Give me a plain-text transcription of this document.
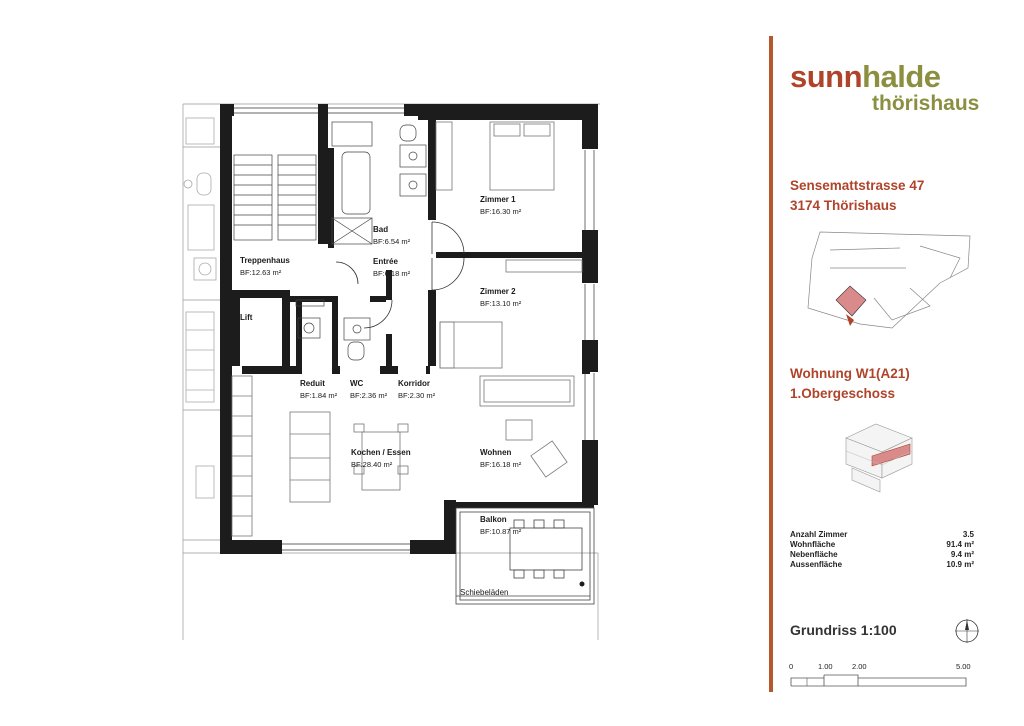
Zimmer 1
BF:16.30 m²
Zimmer 2
BF:13.10 m²
Bad
BF:6.54 m²
Entrée
BF:6.18 m²
Treppenhaus
BF:12.63 m²
Lift
Reduit
BF:1.84 m²
WC
BF:2.36 m²
Korridor
BF:2.30 m²
Kochen / Essen
BF:28.40 m²
Wohnen
BF:16.18 m²
Balkon
BF:10.87 m²
Schiebeläden
sunnhalde
thörishaus
Sensemattstrasse 47
3174 Thörishaus
Wohnung W1(A21)
1.Obergeschoss
Anzahl Zimmer	3.5
Wohnfläche	91.4 m²
Nebenfläche	9.4 m²
Aussenfläche	10.9 m²
Grundriss 1:100
0	1.00	2.00	5.00
